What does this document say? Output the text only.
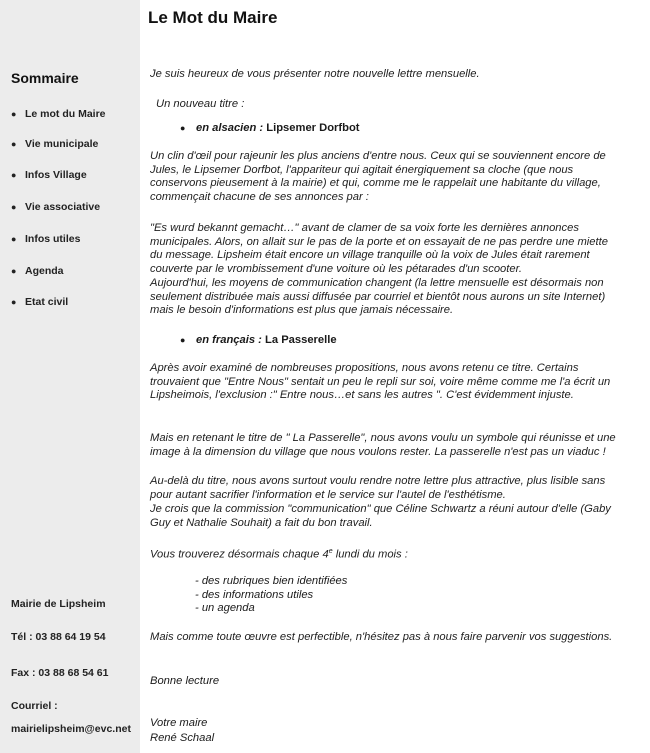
Sommaire
● Le mot du Maire
● Vie municipale
● Infos Village
● Vie associative
● Infos utiles
● Agenda
● Etat civil
Mairie de Lipsheim
Tél : 03 88 64 19 54
Fax : 03 88 68 54 61
Courriel :
mairielipsheim@evc.net
Le Mot du Maire

Je suis heureux de vous présenter notre nouvelle lettre mensuelle.

Un nouveau titre :
● en alsacien : Lipsemer Dorfbot

Un clin d'œil pour rajeunir les plus anciens d'entre nous. Ceux qui se souviennent encore de Jules, le Lipsemer Dorfbot, l'appariteur qui agitait énergiquement sa cloche (que nous conservons pieusement à la mairie) et qui, comme me le rappelait une habitante du village, commençait chacune de ses annonces par :

"Es wurd bekannt gemacht…" avant de clamer de sa voix forte les dernières annonces municipales. Alors, on allait sur le pas de la porte et on essayait de ne pas perdre une miette du message. Lipsheim était encore un village tranquille où la voix de Jules était rarement couverte par le vrombissement d'une voiture où les pétarades d'un scooter.

Aujourd'hui, les moyens de communication changent (la lettre mensuelle est désormais non seulement distribuée mais aussi diffusée par courriel et bientôt nous aurons un site Internet) mais le besoin d'informations est plus que jamais nécessaire.

● en français : La Passerelle

Après avoir examiné de nombreuses propositions, nous avons retenu ce titre. Certains trouvaient que "Entre Nous" sentait un peu le repli sur soi, voire même comme me l'a écrit un Lipsheimois, l'exclusion :" Entre nous…et sans les autres ". C'est évidemment injuste.

Mais en retenant le titre de " La Passerelle", nous avons voulu un symbole qui réunisse et une image à la dimension du village que nous voulons rester. La passerelle n'est pas un viaduc !

Au-delà du titre, nous avons surtout voulu rendre notre lettre plus attractive, plus lisible sans pour autant sacrifier l'information et le service sur l'autel de l'esthétisme.

Je crois que la commission "communication" que Céline Schwartz a réuni autour d'elle (Gaby Guy et Nathalie Souhait) a fait du bon travail.

Vous trouverez désormais chaque 4e lundi du mois :

- des rubriques bien identifiées
- des informations utiles
- un agenda

Mais comme toute œuvre est perfectible, n'hésitez pas à nous faire parvenir vos suggestions.

Bonne lecture
Votre maire
René Schaal
